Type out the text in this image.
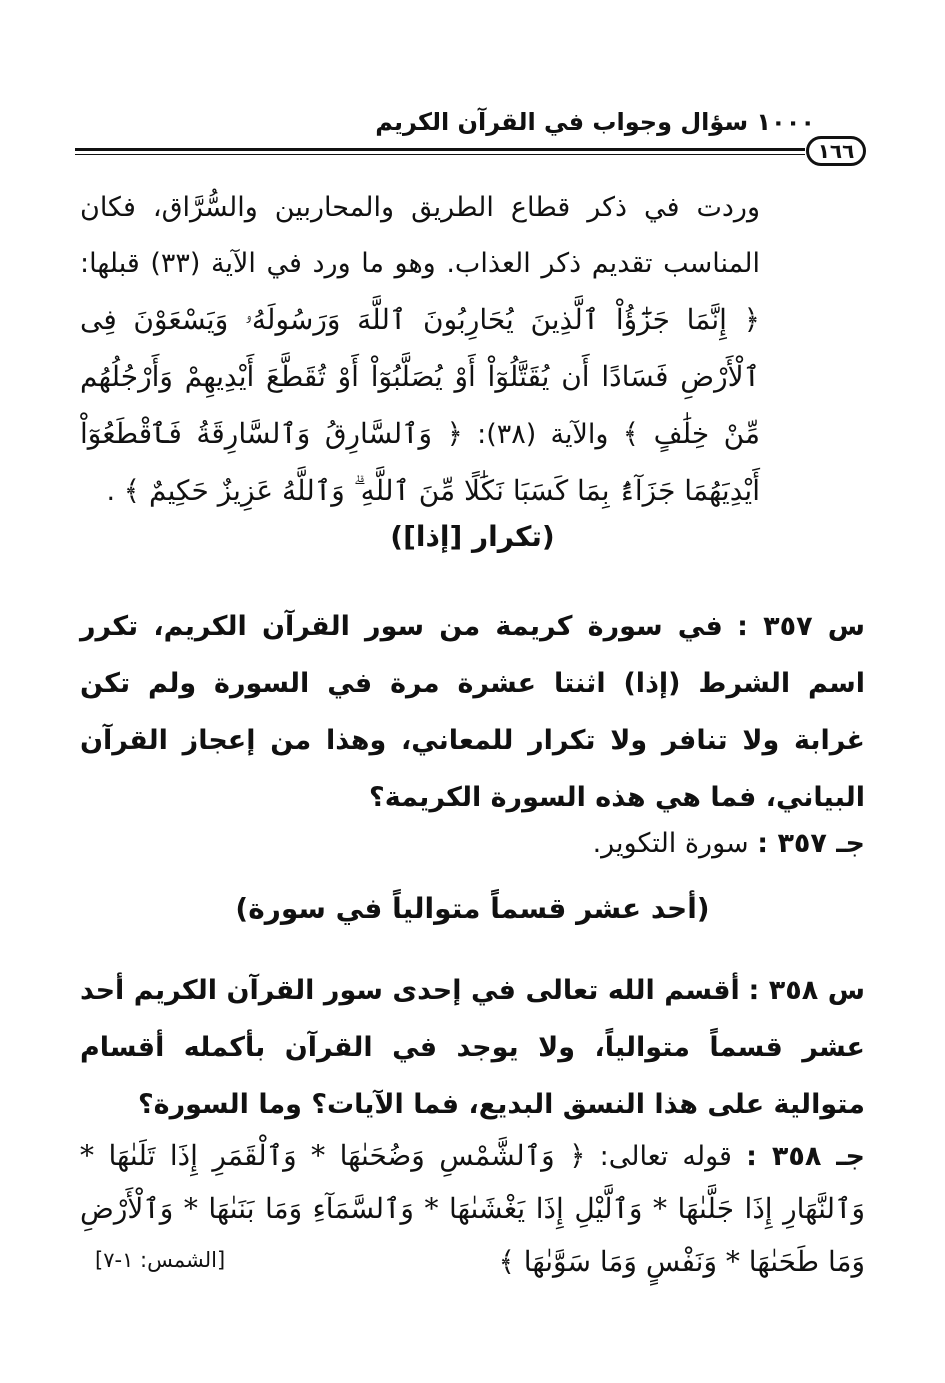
١٠٠٠ سؤال وجواب في القرآن الكريم
١٦٦
وردت في ذكر قطاع الطريق والمحاربين والسُّرَّاق، فكان المناسب تقديم ذكر العذاب. وهو ما ورد في الآية (٣٣) قبلها: ﴿ إِنَّمَا جَزَٰٓؤُاْ ٱلَّذِينَ يُحَارِبُونَ ٱللَّهَ وَرَسُولَهُۥ وَيَسْعَوْنَ فِى ٱلْأَرْضِ فَسَادًا أَن يُقَتَّلُوٓاْ أَوْ يُصَلَّبُوٓاْ أَوْ تُقَطَّعَ أَيْدِيهِمْ وَأَرْجُلُهُم مِّنْ خِلَٰفٍ ﴾ والآية (٣٨): ﴿ وَٱلسَّارِقُ وَٱلسَّارِقَةُ فَٱقْطَعُوٓاْ أَيْدِيَهُمَا جَزَآءًۢ بِمَا كَسَبَا نَكَٰلًا مِّنَ ٱللَّهِ ۗ وَٱللَّهُ عَزِيزٌ حَكِيمٌ ﴾ .
(تكرار [إذا])
س ٣٥٧ : في سورة كريمة من سور القرآن الكريم، تكرر اسم الشرط (إذا) اثنتا عشرة مرة في السورة ولم تكن غرابة ولا تنافر ولا تكرار للمعاني، وهذا من إعجاز القرآن البياني، فما هي هذه السورة الكريمة؟
جـ ٣٥٧ : سورة التكوير.
(أحد عشر قسماً متوالياً في سورة)
س ٣٥٨ : أقسم الله تعالى في إحدى سور القرآن الكريم أحد عشر قسماً متوالياً، ولا يوجد في القرآن بأكمله أقسام متوالية على هذا النسق البديع، فما الآيات؟ وما السورة؟
جـ ٣٥٨ : قوله تعالى: ﴿ وَٱلشَّمْسِ وَضُحَىٰهَا * وَٱلْقَمَرِ إِذَا تَلَىٰهَا * وَٱلنَّهَارِ إِذَا جَلَّىٰهَا * وَٱلَّيْلِ إِذَا يَغْشَىٰهَا * وَٱلسَّمَآءِ وَمَا بَنَىٰهَا * وَٱلْأَرْضِ وَمَا طَحَىٰهَا * وَنَفْسٍ وَمَا سَوَّىٰهَا ﴾
[الشمس: ١-٧]
